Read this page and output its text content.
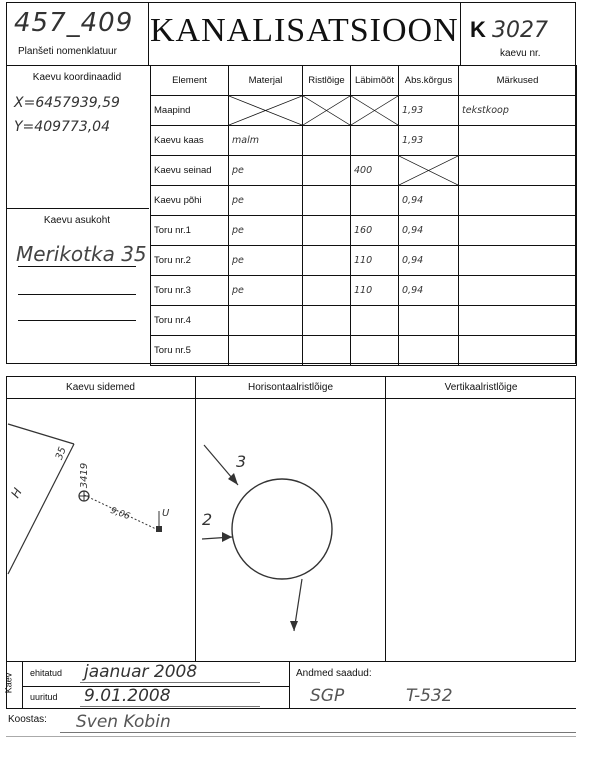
457_409
Planšeti nomenklatuur
KANALISATSIOON K 3027
kaevu nr.
Kaevu koordinaadid
X=6457939,59
Y=409773,04
Kaevu asukoht
Merikotka 35
Element	Materjal	Ristlõige	Läbimõõt	Abs.kõrgus	Märkused
Maapind				1,93	tekstkoop
Kaevu kaas	malm			1,93	
Kaevu seinad	pe		400	

Kaevu põhi	pe			0,94	
Toru nr.1	pe		160	0,94	
Toru nr.2	pe		110	0,94	
Toru nr.3	pe		110	0,94	
Toru nr.4					
Toru nr.5					
Kaevu sidemed	Horisontaalristlõige	Vertikaalristlõige
H
35
3419
9,06	U
3
2
Kaev ehitatud jaanuar 2008
uuritud 9.01.2008
Andmed saadud:
SGP	T-532
Koostas: Sven Kobin
